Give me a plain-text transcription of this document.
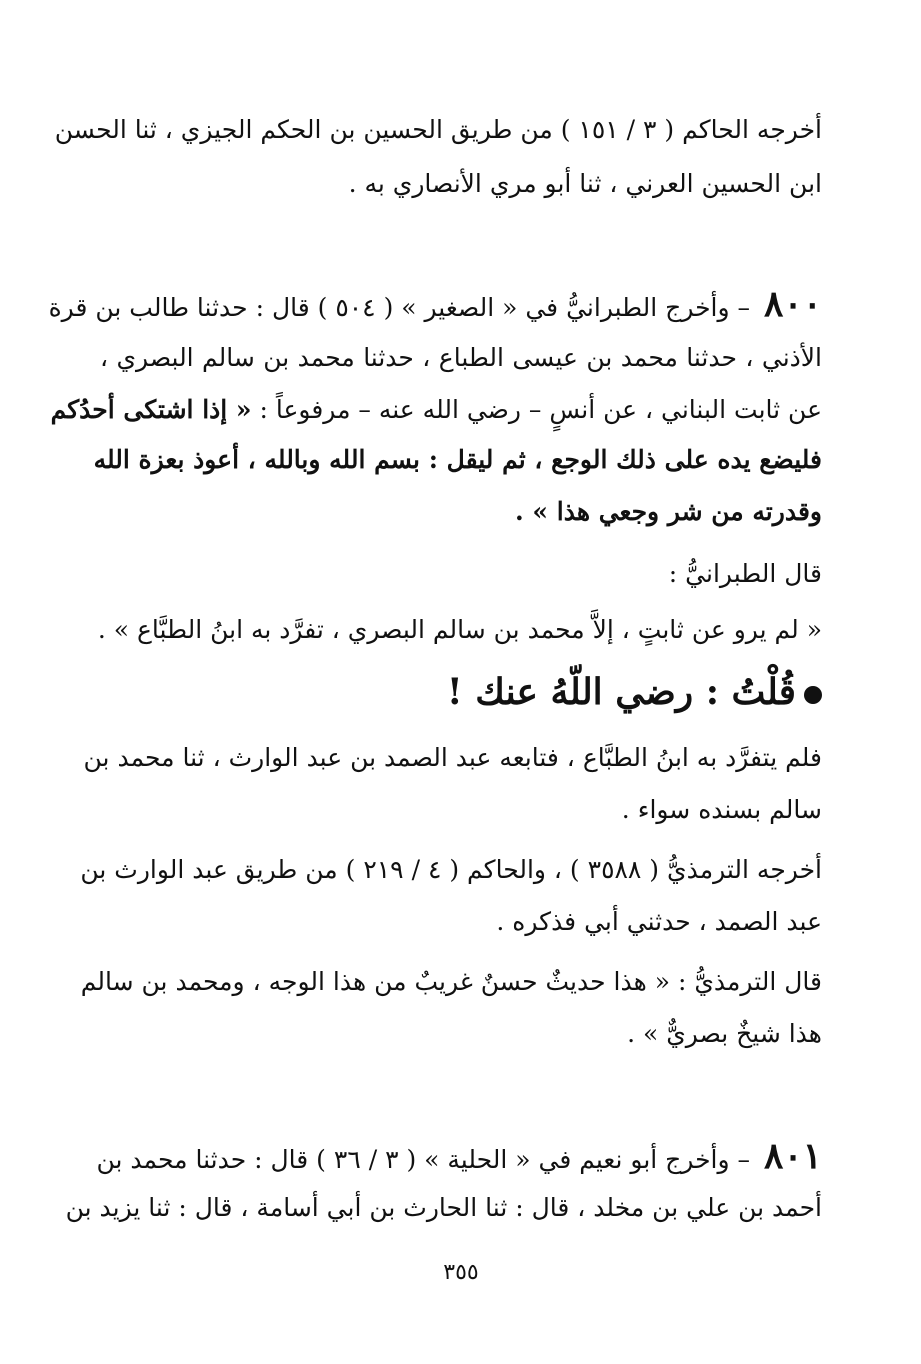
أخرجه الحاكم ( ٣ / ١٥١ ) من طريق الحسين بن الحكم الجيزي ، ثنا الحسن
ابن الحسين العرني ، ثنا أبو مري الأنصاري به .
٨٠٠ – وأخرج الطبرانيُّ في « الصغير » ( ٥٠٤ ) قال : حدثنا طالب بن قرة
الأذني ، حدثنا محمد بن عيسى الطباع ، حدثنا محمد بن سالم البصري ،
عن ثابت البناني ، عن أنسٍ – رضي الله عنه – مرفوعاً : « إذا اشتكى أحدُكم
فليضع يده على ذلك الوجع ، ثم ليقل : بسم الله وبالله ، أعوذ بعزة الله
وقدرته من شر وجعي هذا » .
قال الطبرانيُّ :
« لم يرو عن ثابتٍ ، إلاَّ محمد بن سالم البصري ، تفرَّد به ابنُ الطبَّاع » .
قُلْتُ : رضي اللّهُ عنك !
فلم يتفرَّد به ابنُ الطبَّاع ، فتابعه عبد الصمد بن عبد الوارث ، ثنا محمد بن
سالم بسنده سواء .
أخرجه الترمذيُّ ( ٣٥٨٨ ) ، والحاكم ( ٤ / ٢١٩ ) من طريق عبد الوارث بن
عبد الصمد ، حدثني أبي فذكره .
قال الترمذيُّ : « هذا حديثٌ حسنٌ غريبٌ من هذا الوجه ، ومحمد بن سالم
هذا شيخٌ بصريٌّ » .
٨٠١ – وأخرج أبو نعيم في « الحلية » ( ٣ / ٣٦ ) قال : حدثنا محمد بن
أحمد بن علي بن مخلد ، قال : ثنا الحارث بن أبي أسامة ، قال : ثنا يزيد بن
٣٥٥
